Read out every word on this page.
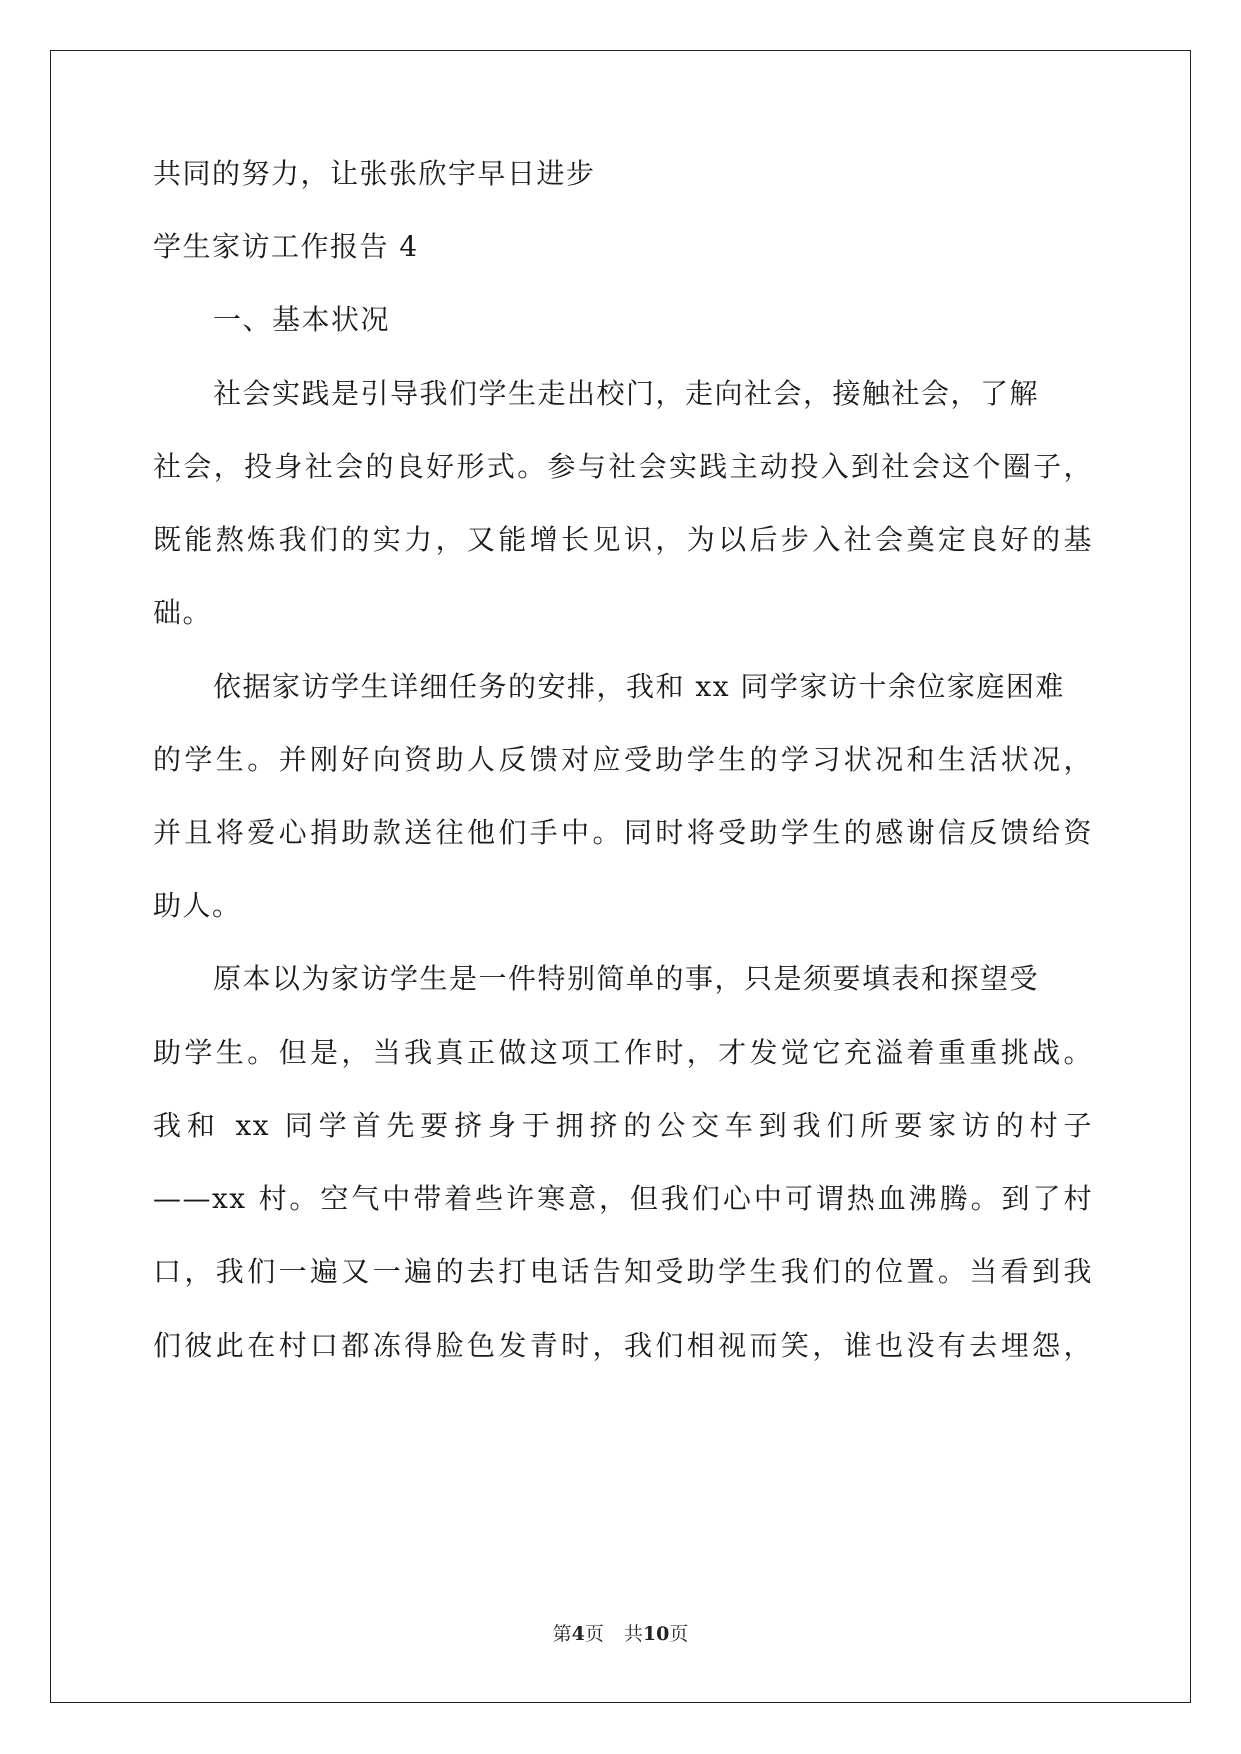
共同的努力，让张张欣宇早日进步
学生家访工作报告 4
一、基本状况
社会实践是引导我们学生走出校门，走向社会，接触社会，了解
社会，投身社会的良好形式。参与社会实践主动投入到社会这个圈子，
既能熬炼我们的实力，又能增长见识，为以后步入社会奠定良好的基
础。
依据家访学生详细任务的安排，我和 xx 同学家访十余位家庭困难
的学生。并刚好向资助人反馈对应受助学生的学习状况和生活状况，
并且将爱心捐助款送往他们手中。同时将受助学生的感谢信反馈给资
助人。
原本以为家访学生是一件特别简单的事，只是须要填表和探望受
助学生。但是，当我真正做这项工作时，才发觉它充溢着重重挑战。
我和 xx 同学首先要挤身于拥挤的公交车到我们所要家访的村子
——xx 村。空气中带着些许寒意，但我们心中可谓热血沸腾。到了村
口，我们一遍又一遍的去打电话告知受助学生我们的位置。当看到我
们彼此在村口都冻得脸色发青时，我们相视而笑，谁也没有去埋怨，
第4页 共10页
